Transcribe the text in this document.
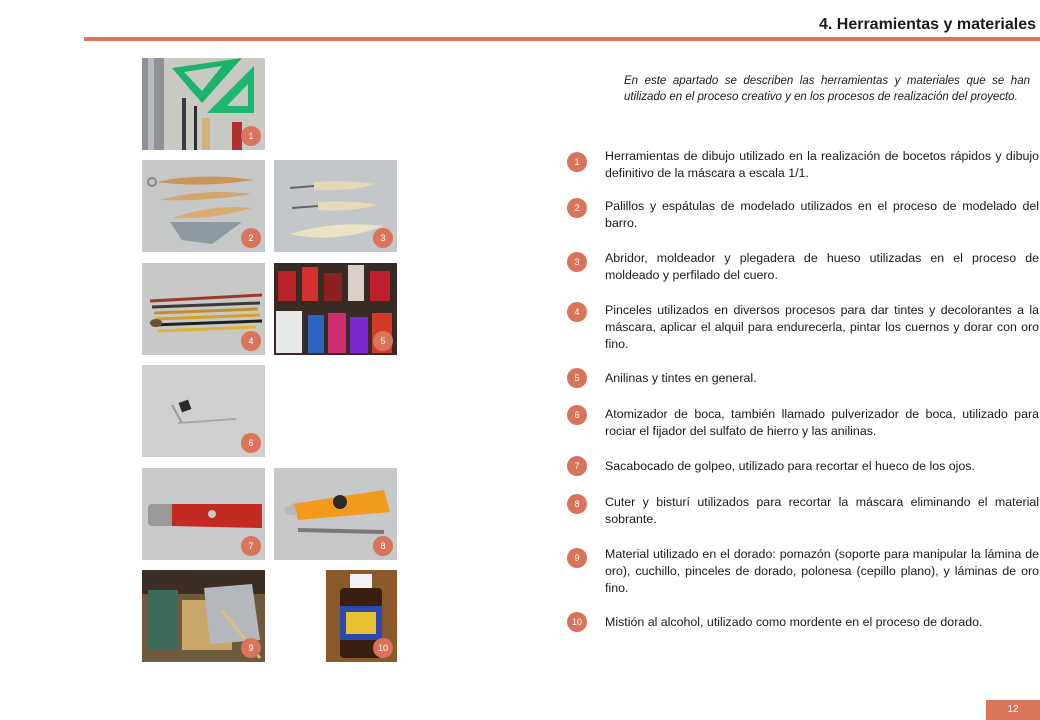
4. Herramientas y materiales
En este apartado se describen las herramientas y materiales que se han utilizado en el proceso creativo y en los procesos de realización del proyecto.
1
2	3
4	5
6
7	8
9	10
1	Herramientas de dibujo utilizado en la realización de bocetos rápidos y dibujo definitivo de la máscara a escala 1/1.
2	Palillos y espátulas de modelado utilizados en el proceso de modelado del barro.
3	Abridor, moldeador y plegadera de hueso utilizadas en el proceso de moldeado y perfilado del cuero.
4	Pinceles utilizados en diversos procesos para dar tintes y decolorantes a la máscara, aplicar el alquil para endurecerla, pintar los cuernos y dorar con oro fino.
5	Anilinas y tintes en general.
6	Atomizador de boca, también llamado pulverizador de boca, utilizado para rociar el fijador del sulfato de hierro y las anilinas.
7	Sacabocado de golpeo, utilizado para recortar el hueco de los ojos.
8	Cuter y bisturí utilizados para recortar la máscara eliminando el material sobrante.
9	Material utilizado en el dorado: pomazón (soporte para manipular la lámina de oro), cuchillo, pinceles de dorado, polonesa (cepillo plano), y láminas de oro fino.
10	Mistión al alcohol, utilizado como mordente en el proceso de dorado.
12
